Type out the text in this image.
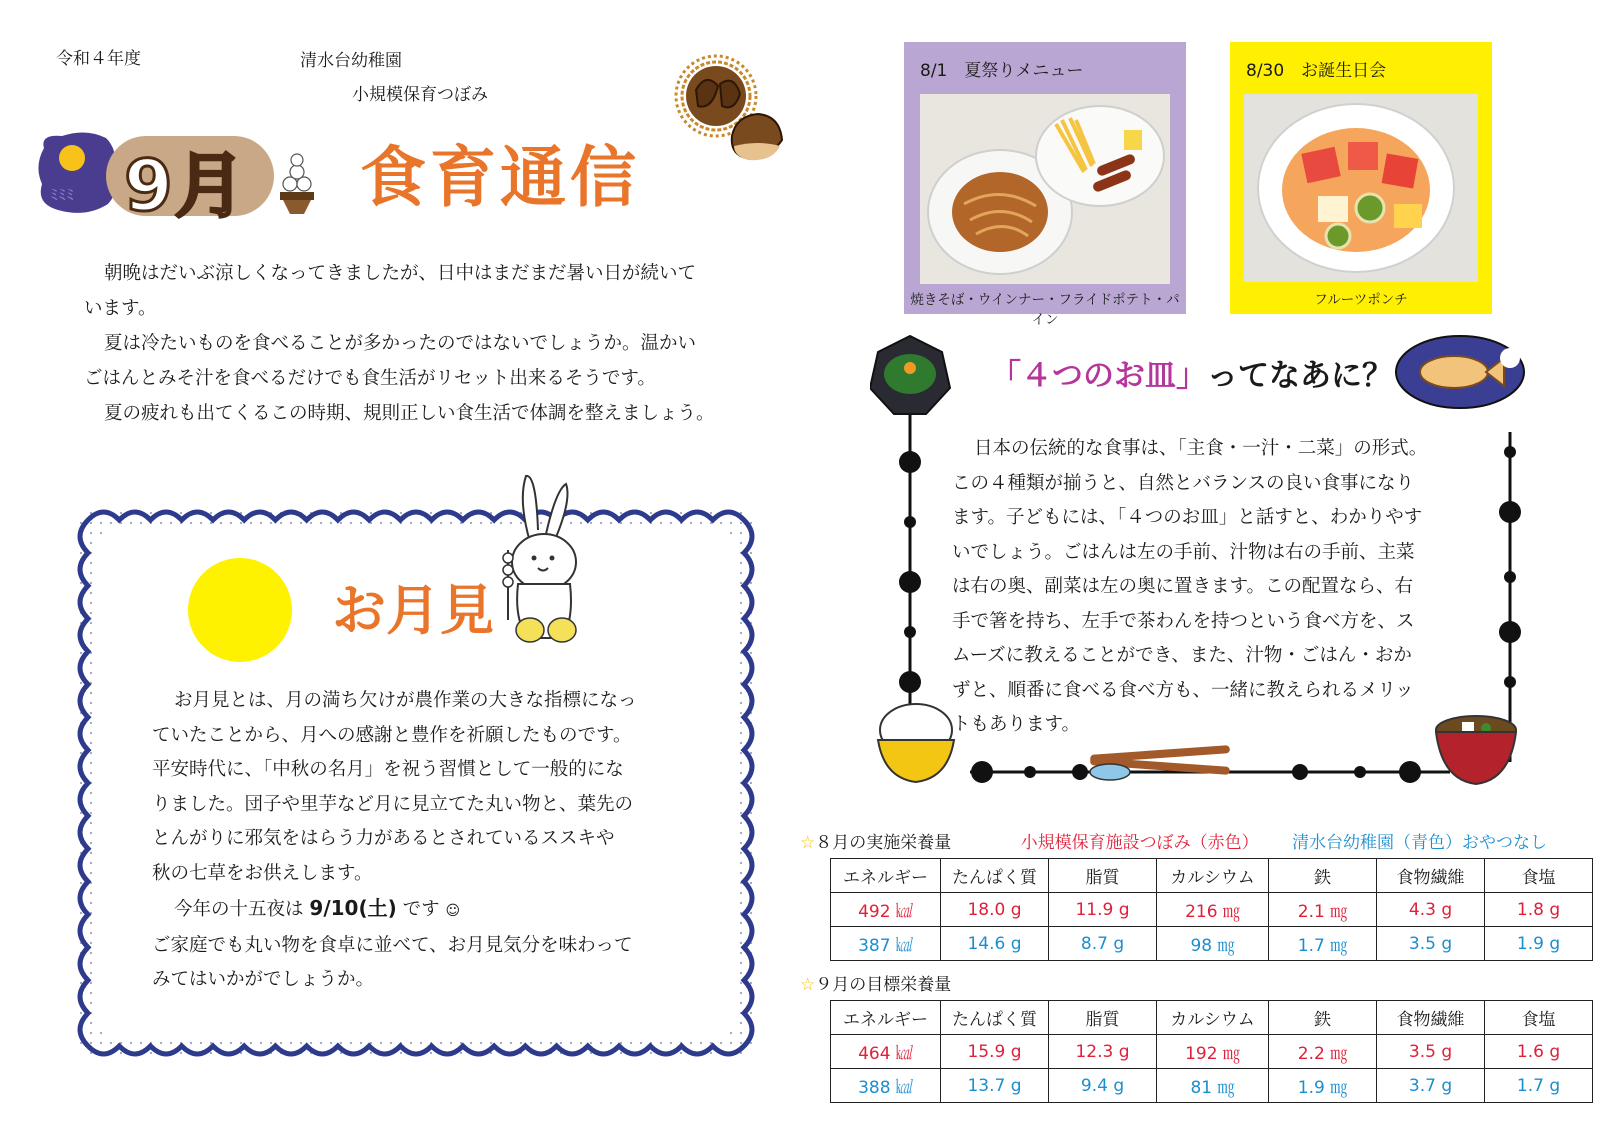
令和４年度	清水台幼稚園
小規模保育つぼみ
ﾐﾐﾐ 9月 食育通信

朝晩はだいぶ涼しくなってきましたが、日中はまだまだ暑い日が続いて

います。

夏は冷たいものを食べることが多かったのではないでしょうか。温かい

ごはんとみそ汁を食べるだけでも食生活がリセット出来るそうです。

夏の疲れも出てくるこの時期、規則正しい食生活で体調を整えましょう。

お月見

お月見とは、月の満ち欠けが農作業の大きな指標になっ

ていたことから、月への感謝と豊作を祈願したものです。

平安時代に、「中秋の名月」を祝う習慣として一般的にな

りました。団子や里芋など月に見立てた丸い物と、葉先の

とんがりに邪気をはらう力があるとされているススキや

秋の七草をお供えします。

今年の十五夜は 9/10(土) です ☺

ご家庭でも丸い物を食卓に並べて、お月見気分を味わって

みてはいかがでしょうか。

8/1　夏祭りメニュー
焼きそば・ウインナー・フライドポテト・パイン
8/30　お誕生日会
フルーツポンチ
「４つのお皿」ってなあに？

日本の伝統的な食事は、「主食・一汁・二菜」の形式。

この４種類が揃うと、自然とバランスの良い食事になり
ます。子どもには、「４つのお皿」と話すと、わかりやす
いでしょう。ごはんは左の手前、汁物は右の手前、主菜
は右の奥、副菜は左の奥に置きます。この配置なら、右
手で箸を持ち、左手で茶わんを持つという食べ方を、ス
ムーズに教えることができ、また、汁物・ごはん・おか
ずと、順番に食べる食べ方も、一緒に教えられるメリッ
トもあります。
☆８月の実施栄養量	小規模保育施設つぼみ（赤色） 清水台幼稚園（青色）おやつなし
エネルギー	たんぱく質	脂質	カルシウム	鉄	食物繊維	食塩
492 ㎉	18.0 g	11.9 g	216 ㎎	2.1 ㎎	4.3 g	1.8 g
387 ㎉	14.6 g	8.7 g	98 ㎎	1.7 ㎎	3.5 g	1.9 g
☆９月の目標栄養量
エネルギー	たんぱく質	脂質	カルシウム	鉄	食物繊維	食塩
464 ㎉	15.9 g	12.3 g	192 ㎎	2.2 ㎎	3.5 g	1.6 g
388 ㎉	13.7 g	9.4 g	81 ㎎	1.9 ㎎	3.7 g	1.7 g
